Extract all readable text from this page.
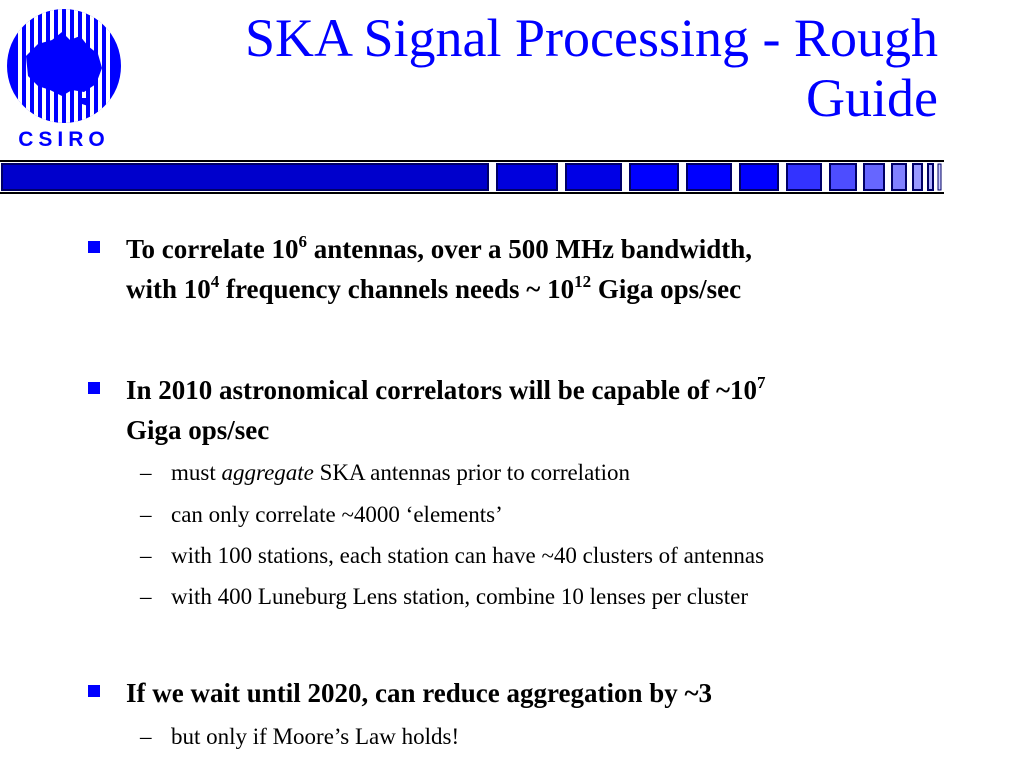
CSIRO
SKA Signal Processing - Rough
Guide
To correlate $10^6$ antennas, over a 500 MHz bandwidth,
with $10^4$ frequency channels needs ~ $10^{12}$ Giga ops/sec
In 2010 astronomical correlators will be capable of $\sim 10^7$
Giga ops/sec
– must aggregate SKA antennas prior to correlation
– can only correlate ~4000 ‘elements’
– with 100 stations, each station can have ~40 clusters of antennas
– with 400 Luneburg Lens station, combine 10 lenses per cluster
If we wait until 2020, can reduce aggregation by ~3
– but only if Moore’s Law holds!
